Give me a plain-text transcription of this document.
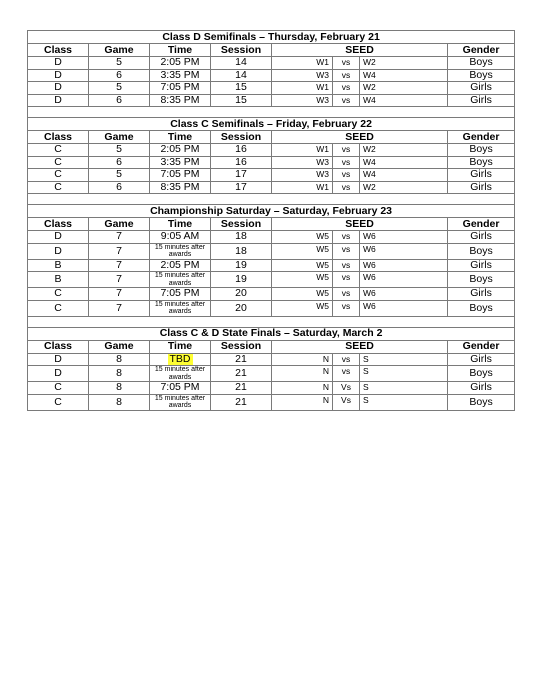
Class D Semifinals – Thursday, February 21							
Class	Game	Time	Session	SEED			Gender
D	5	2:05 PM	14	W1	vs	W2	Boys
D	6	3:35 PM	14	W3	vs	W4	Boys
D	5	7:05 PM	15	W1	vs	W2	Girls
D	6	8:35 PM	15	W3	vs	W4	Girls

Class C Semifinals – Friday, February 22							
Class	Game	Time	Session	SEED			Gender
C	5	2:05 PM	16	W1	vs	W2	Boys
C	6	3:35 PM	16	W3	vs	W4	Boys
C	5	7:05 PM	17	W3	vs	W4	Girls
C	6	8:35 PM	17	W1	vs	W2	Girls

Championship Saturday – Saturday, February 23							
Class	Game	Time	Session	SEED			Gender
D	7	9:05 AM	18	W5	vs	W6	Girls
D	7	15 minutes after awards	18	W5	vs	W6	Boys
B	7	2:05 PM	19	W5	vs	W6	Girls
B	7	15 minutes after awards	19	W5	vs	W6	Boys
C	7	7:05 PM	20	W5	vs	W6	Girls
C	7	15 minutes after awards	20	W5	vs	W6	Boys

Class C & D State Finals – Saturday, March 2							
Class	Game	Time	Session	SEED			Gender
D	8	TBD	21	N	vs	S	Girls
D	8	15 minutes after awards	21	N	vs	S	Boys
C	8	7:05 PM	21	N	Vs	S	Girls
C	8	15 minutes after awards	21	N	Vs	S	Boys
